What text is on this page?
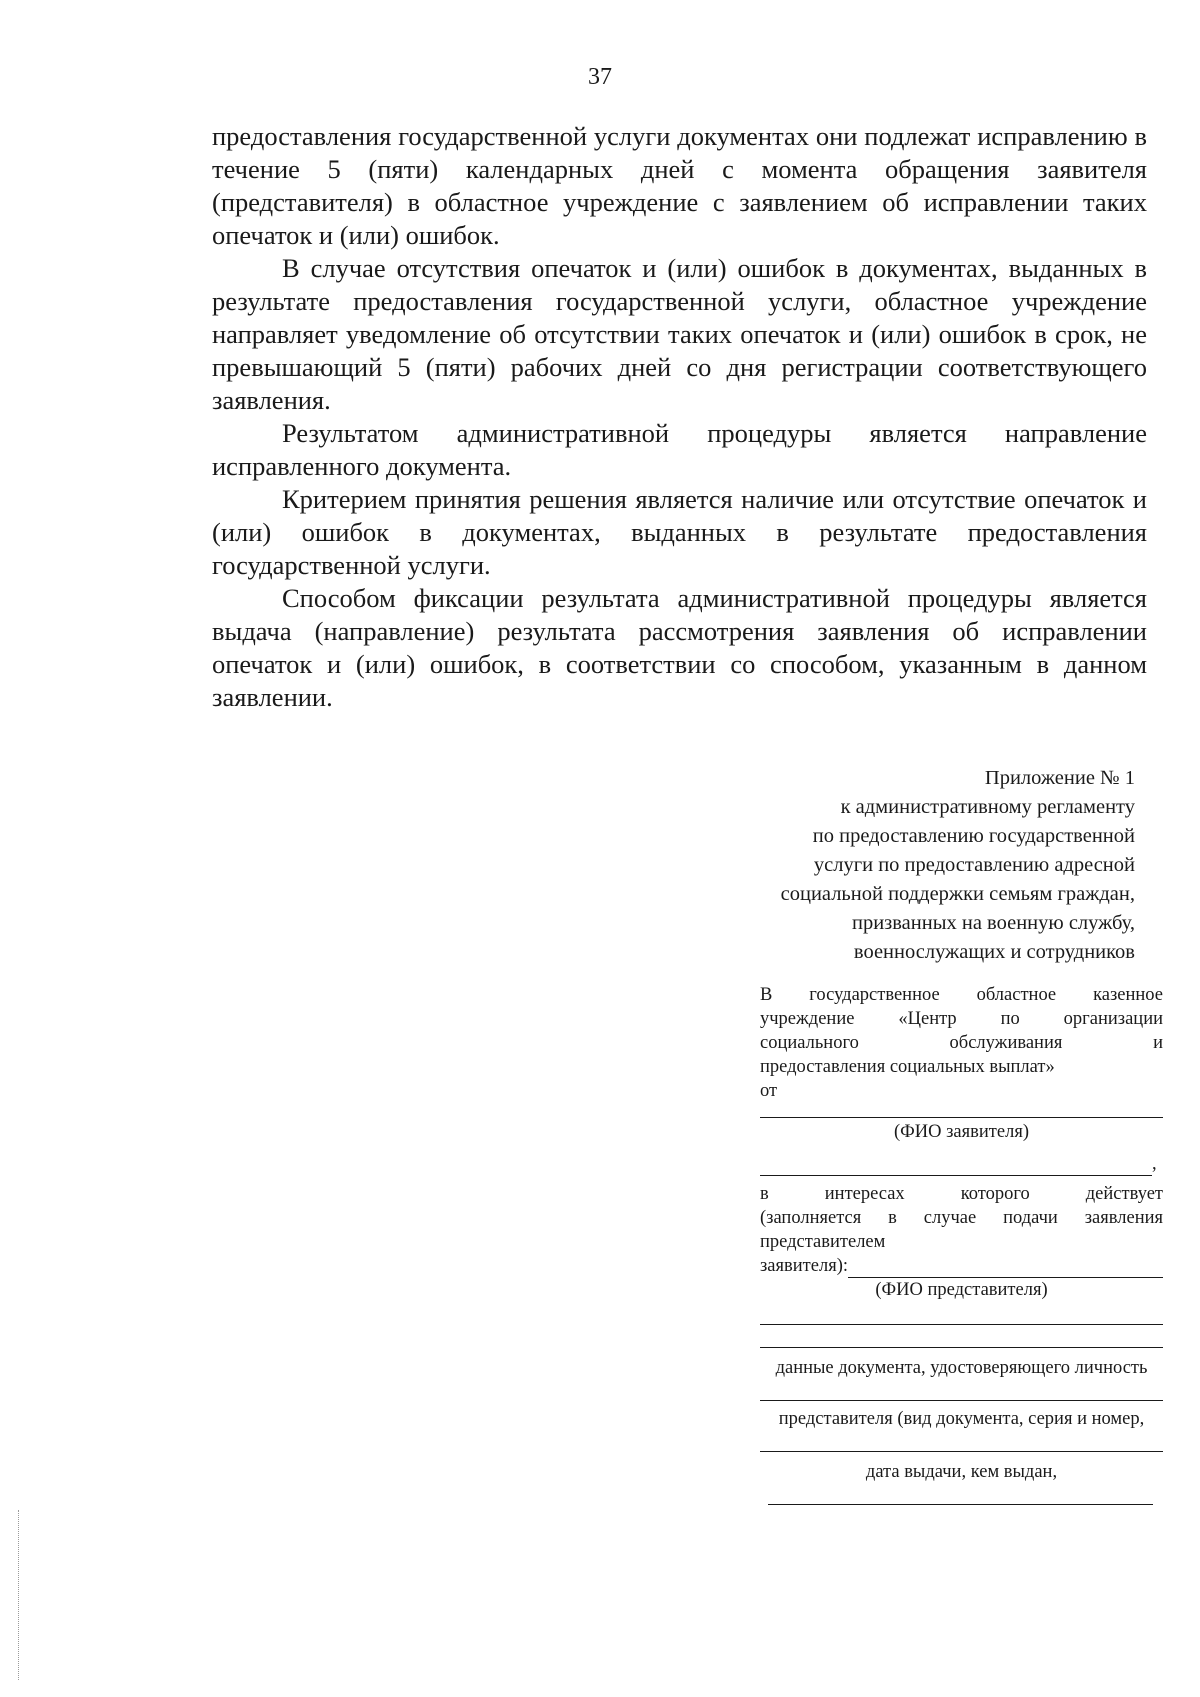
37

предоставления государственной услуги документах они подлежат исправлению в течение 5 (пяти) календарных дней с момента обращения заявителя (представителя) в областное учреждение с заявлением об исправлении таких опечаток и (или) ошибок.

В случае отсутствия опечаток и (или) ошибок в документах, выданных в результате предоставления государственной услуги, областное учреждение направляет уведомление об отсутствии таких опечаток и (или) ошибок в срок, не превышающий 5 (пяти) рабочих дней со дня регистрации соответствующего заявления.

Результатом административной процедуры является направление исправленного документа.

Критерием принятия решения является наличие или отсутствие опечаток и (или) ошибок в документах, выданных в результате предоставления государственной услуги.

Способом фиксации результата административной процедуры является выдача (направление) результата рассмотрения заявления об исправлении опечаток и (или) ошибок, в соответствии со способом, указанным в данном заявлении.

Приложение № 1
к административному регламенту
по предоставлению государственной
услуги по предоставлению адресной
социальной поддержки семьям граждан,
призванных на военную службу,
военнослужащих и сотрудников
В государственное областное казенное
учреждение «Центр по организации
социального обслуживания и
предоставления социальных выплат»
от
(ФИО заявителя)
,
в интересах которого действует
(заполняется в случае подачи заявления
представителем
заявителя):
(ФИО представителя)
данные документа, удостоверяющего личность
представителя (вид документа, серия и номер,
дата выдачи, кем выдан,
